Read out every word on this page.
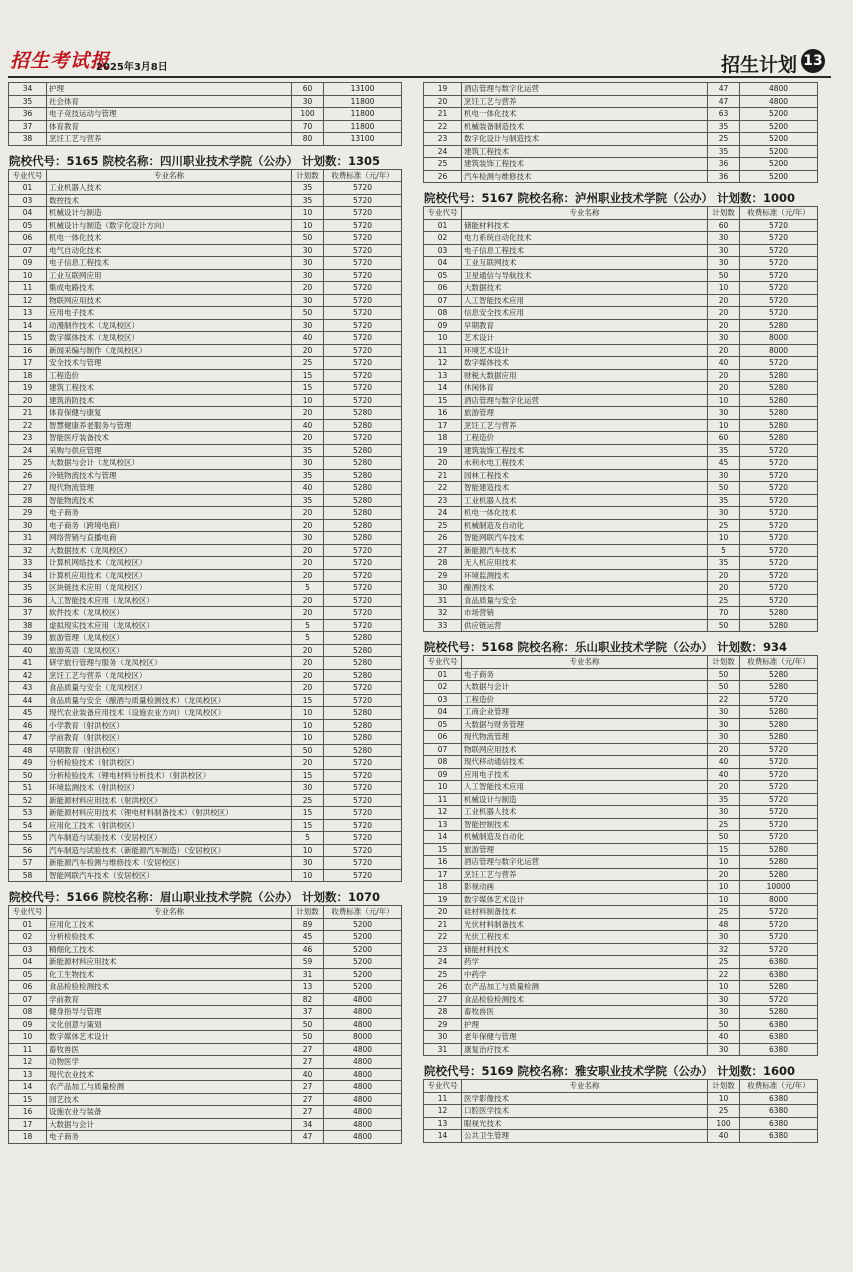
招生考试报
2025年3月8日	招生计划 13
34	护理	60	13100
35	社会体育	30	11800
36	电子竞技运动与管理	100	11800
37	体育教育	70	11800
38	烹饪工艺与营养	80	13100
院校代号：5165 院校名称：四川职业技术学院（公办） 计划数：1305
专业代号	专业名称	计划数	收费标准（元/年）
01	工业机器人技术	35	5720
03	数控技术	35	5720
04	机械设计与制造	10	5720
05	机械设计与制造（数字化设计方向）	10	5720
06	机电一体化技术	50	5720
07	电气自动化技术	30	5720
09	电子信息工程技术	30	5720
10	工业互联网应用	30	5720
11	集成电路技术	20	5720
12	物联网应用技术	30	5720
13	应用电子技术	50	5720
14	动漫制作技术（龙凤校区）	30	5720
15	数字媒体技术（龙凤校区）	40	5720
16	新闻采编与制作（龙凤校区）	20	5720
17	安全技术与管理	25	5720
18	工程造价	15	5720
19	建筑工程技术	15	5720
20	建筑消防技术	10	5720
21	体育保健与康复	20	5280
22	智慧健康养老服务与管理	40	5280
23	智能医疗装备技术	20	5720
24	采购与供应管理	35	5280
25	大数据与会计（龙凤校区）	30	5280
26	冷链物流技术与管理	35	5280
27	现代物流管理	40	5280
28	智能物流技术	35	5280
29	电子商务	20	5280
30	电子商务（跨境电商）	20	5280
31	网络营销与直播电商	30	5280
32	大数据技术（龙凤校区）	20	5720
33	计算机网络技术（龙凤校区）	20	5720
34	计算机应用技术（龙凤校区）	20	5720
35	区块链技术应用（龙凤校区）	5	5720
36	人工智能技术应用（龙凤校区）	20	5720
37	软件技术（龙凤校区）	20	5720
38	虚拟现实技术应用（龙凤校区）	5	5720
39	旅游管理（龙凤校区）	5	5280
40	旅游英语（龙凤校区）	20	5280
41	研学旅行管理与服务（龙凤校区）	20	5280
42	烹饪工艺与营养（龙凤校区）	20	5280
43	食品质量与安全（龙凤校区）	20	5720
44	食品质量与安全（酿酒与质量检测技术）（龙凤校区）	15	5720
45	现代农业装备应用技术（设施农业方向）（龙凤校区）	10	5280
46	小学教育（射洪校区）	10	5280
47	学前教育（射洪校区）	10	5280
48	早期教育（射洪校区）	50	5280
49	分析检验技术（射洪校区）	20	5720
50	分析检验技术（锂电材料分析技术）（射洪校区）	15	5720
51	环境监测技术（射洪校区）	30	5720
52	新能源材料应用技术（射洪校区）	25	5720
53	新能源材料应用技术（锂电材料制备技术）（射洪校区）	15	5720
54	应用化工技术（射洪校区）	15	5720
55	汽车制造与试验技术（安居校区）	5	5720
56	汽车制造与试验技术（新能源汽车制造）（安居校区）	10	5720
57	新能源汽车检测与维修技术（安居校区）	30	5720
58	智能网联汽车技术（安居校区）	10	5720
院校代号：5166 院校名称：眉山职业技术学院（公办） 计划数：1070
专业代号	专业名称	计划数	收费标准（元/年）
01	应用化工技术	89	5200
02	分析检验技术	45	5200
03	精细化工技术	46	5200
04	新能源材料应用技术	59	5200
05	化工生物技术	31	5200
06	食品检验检测技术	13	5200
07	学前教育	82	4800
08	健身指导与管理	37	4800
09	文化创意与策划	50	4800
10	数字媒体艺术设计	50	8000
11	畜牧兽医	27	4800
12	动物医学	27	4800
13	现代农业技术	40	4800
14	农产品加工与质量检测	27	4800
15	园艺技术	27	4800
16	设施农业与装备	27	4800
17	大数据与会计	34	4800
18	电子商务	47	4800
19	酒店管理与数字化运营	47	4800
20	烹饪工艺与营养	47	4800
21	机电一体化技术	63	5200
22	机械装备制造技术	35	5200
23	数字化设计与制造技术	25	5200
24	建筑工程技术	35	5200
25	建筑装饰工程技术	36	5200
26	汽车检测与维修技术	36	5200
院校代号：5167 院校名称：泸州职业技术学院（公办） 计划数：1000
专业代号	专业名称	计划数	收费标准（元/年）
01	储能材料技术	60	5720
02	电力系统自动化技术	30	5720
03	电子信息工程技术	30	5720
04	工业互联网技术	30	5720
05	卫星通信与导航技术	50	5720
06	大数据技术	10	5720
07	人工智能技术应用	20	5720
08	信息安全技术应用	20	5720
09	早期教育	20	5280
10	艺术设计	30	8000
11	环境艺术设计	20	8000
12	数字媒体技术	40	5720
13	财税大数据应用	20	5280
14	休闲体育	20	5280
15	酒店管理与数字化运营	10	5280
16	旅游管理	30	5280
17	烹饪工艺与营养	10	5280
18	工程造价	60	5280
19	建筑装饰工程技术	35	5720
20	水利水电工程技术	45	5720
21	园林工程技术	30	5720
22	智能建造技术	50	5720
23	工业机器人技术	35	5720
24	机电一体化技术	30	5720
25	机械制造及自动化	25	5720
26	智能网联汽车技术	10	5720
27	新能源汽车技术	5	5720
28	无人机应用技术	35	5720
29	环境监测技术	20	5720
30	酿酒技术	20	5720
31	食品质量与安全	25	5720
32	市场营销	70	5280
33	供应链运营	50	5280
院校代号：5168 院校名称：乐山职业技术学院（公办） 计划数：934
专业代号	专业名称	计划数	收费标准（元/年）
01	电子商务	50	5280
02	大数据与会计	50	5280
03	工程造价	22	5720
04	工商企业管理	30	5280
05	大数据与财务管理	30	5280
06	现代物流管理	30	5280
07	物联网应用技术	20	5720
08	现代移动通信技术	40	5720
09	应用电子技术	40	5720
10	人工智能技术应用	20	5720
11	机械设计与制造	35	5720
12	工业机器人技术	30	5720
13	智能控制技术	25	5720
14	机械制造及自动化	50	5720
15	旅游管理	15	5280
16	酒店管理与数字化运营	10	5280
17	烹饪工艺与营养	20	5280
18	影视动画	10	10000
19	数字媒体艺术设计	10	8000
20	硅材料制备技术	25	5720
21	光伏材料制备技术	48	5720
22	光伏工程技术	30	5720
23	储能材料技术	32	5720
24	药学	25	6380
25	中药学	22	6380
26	农产品加工与质量检测	10	5280
27	食品检验检测技术	30	5720
28	畜牧兽医	30	5280
29	护理	50	6380
30	老年保健与管理	40	6380
31	康复治疗技术	30	6380
院校代号：5169 院校名称：雅安职业技术学院（公办） 计划数：1600
专业代号	专业名称	计划数	收费标准（元/年）
11	医学影像技术	10	6380
12	口腔医学技术	25	6380
13	眼视光技术	100	6380
14	公共卫生管理	40	6380
